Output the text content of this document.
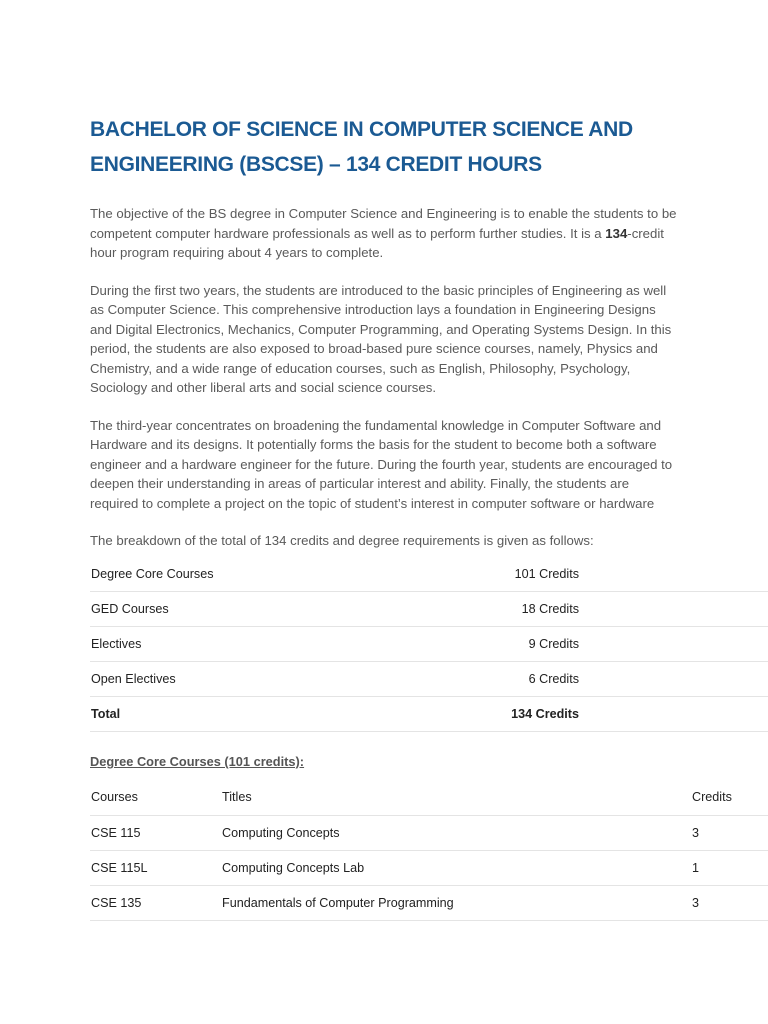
BACHELOR OF SCIENCE IN COMPUTER SCIENCE AND ENGINEERING (BSCSE) – 134 CREDIT HOURS

The objective of the BS degree in Computer Science and Engineering is to enable the students to be competent computer hardware professionals as well as to perform further studies. It is a 134-credit hour program requiring about 4 years to complete.

During the first two years, the students are introduced to the basic principles of Engineering as well as Computer Science. This comprehensive introduction lays a foundation in Engineering Designs and Digital Electronics, Mechanics, Computer Programming, and Operating Systems Design. In this period, the students are also exposed to broad-based pure science courses, namely, Physics and Chemistry, and a wide range of education courses, such as English, Philosophy, Psychology, Sociology and other liberal arts and social science courses.

The third-year concentrates on broadening the fundamental knowledge in Computer Software and Hardware and its designs. It potentially forms the basis for the student to become both a software engineer and a hardware engineer for the future. During the fourth year, students are encouraged to deepen their understanding in areas of particular interest and ability. Finally, the students are required to complete a project on the topic of student’s interest in computer software or hardware

The breakdown of the total of 134 credits and degree requirements is given as follows:

Degree Core Courses	101 Credits	
GED Courses	18 Credits	
Electives	9 Credits	
Open Electives	6 Credits	
Total	134 Credits	

Degree Core Courses (101 credits):

Courses	Titles	Credits
CSE 115	Computing Concepts	3
CSE 115L	Computing Concepts Lab	1
CSE 135	Fundamentals of Computer Programming	3
